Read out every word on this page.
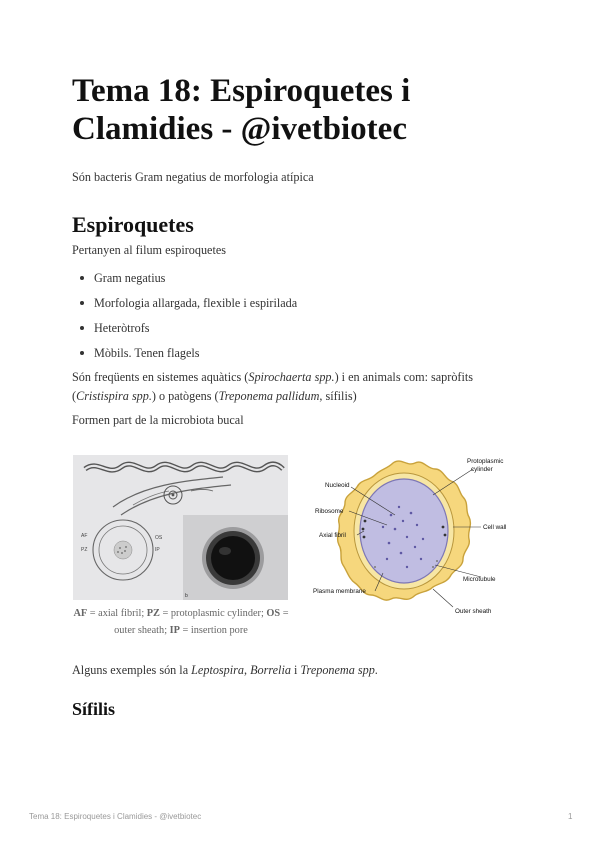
Tema 18: Espiroquetes i Clamidies - @ivetbiotec

Són bacteris Gram negatius de morfologia atípica

Espiroquetes

Pertanyen al filum espiroquetes

Gram negatius
Morfologia allargada, flexible i espirilada
Heteròtrofs
Mòbils. Tenen flagels

Són freqüents en sistemes aquàtics (Spirochaerta spp.) i en animals com: sapròfits (Cristispira spp.) o patògens (Treponema pallidum, sífilis)

Formen part de la microbiota bucal

AF
PZ
OS
IP
b
AF = axial fibril; PZ = protoplasmic cylinder; OS = outer sheath; IP = insertion pore
Protoplasmic
cylinder
Nucleoid
Ribosome
Axial fibril
Cell wall
Microtubule
Plasma membrane
Outer sheath

Alguns exemples són la Leptospira, Borrelia i Treponema spp.

Sífilis
Tema 18: Espiroquetes i Clamidies - @ivetbiotec	1
